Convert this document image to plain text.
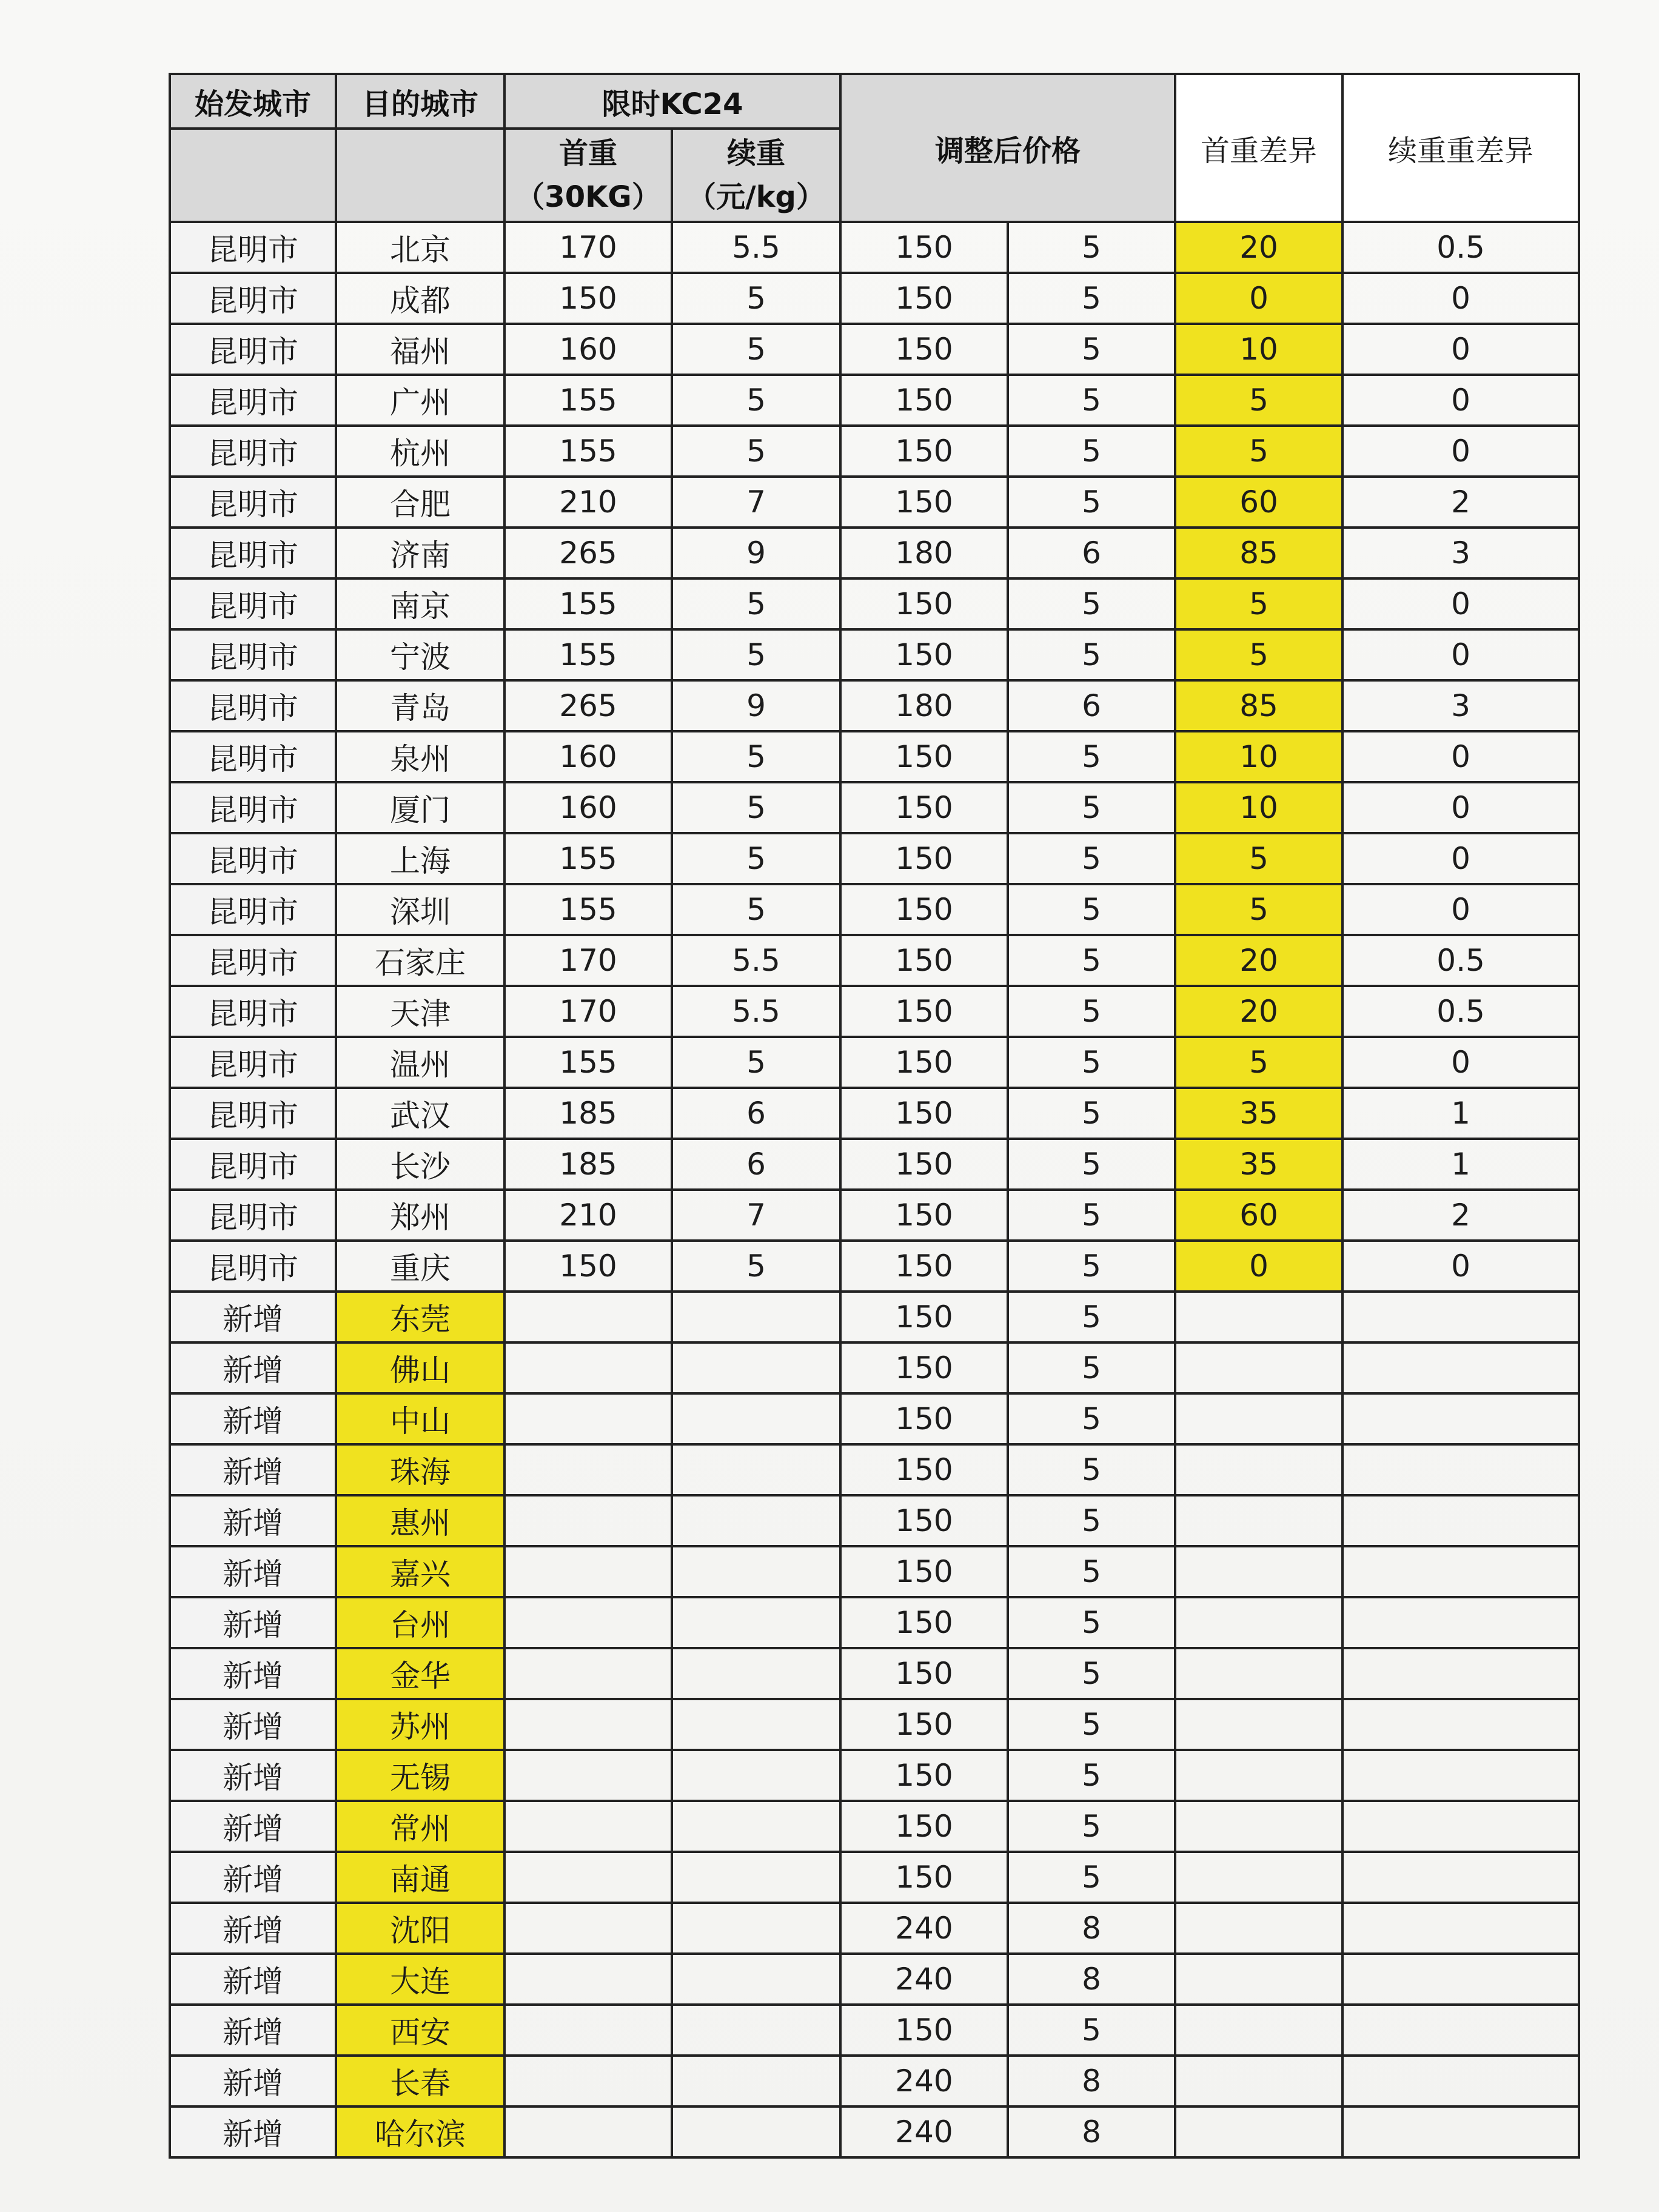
始发城市	目的城市	限时KC24		调整后价格		首重差异	续重重差异
		首重（30KG）	续重（元/kg）				
昆明市	北京	170	5.5	150	5	20	0.5
昆明市	成都	150	5	150	5	0	0
昆明市	福州	160	5	150	5	10	0
昆明市	广州	155	5	150	5	5	0
昆明市	杭州	155	5	150	5	5	0
昆明市	合肥	210	7	150	5	60	2
昆明市	济南	265	9	180	6	85	3
昆明市	南京	155	5	150	5	5	0
昆明市	宁波	155	5	150	5	5	0
昆明市	青岛	265	9	180	6	85	3
昆明市	泉州	160	5	150	5	10	0
昆明市	厦门	160	5	150	5	10	0
昆明市	上海	155	5	150	5	5	0
昆明市	深圳	155	5	150	5	5	0
昆明市	石家庄	170	5.5	150	5	20	0.5
昆明市	天津	170	5.5	150	5	20	0.5
昆明市	温州	155	5	150	5	5	0
昆明市	武汉	185	6	150	5	35	1
昆明市	长沙	185	6	150	5	35	1
昆明市	郑州	210	7	150	5	60	2
昆明市	重庆	150	5	150	5	0	0
新增	东莞			150	5		
新增	佛山			150	5		
新增	中山			150	5		
新增	珠海			150	5		
新增	惠州			150	5		
新增	嘉兴			150	5		
新增	台州			150	5		
新增	金华			150	5		
新增	苏州			150	5		
新增	无锡			150	5		
新增	常州			150	5		
新增	南通			150	5		
新增	沈阳			240	8		
新增	大连			240	8		
新增	西安			150	5		
新增	长春			240	8		
新增	哈尔滨			240	8		
